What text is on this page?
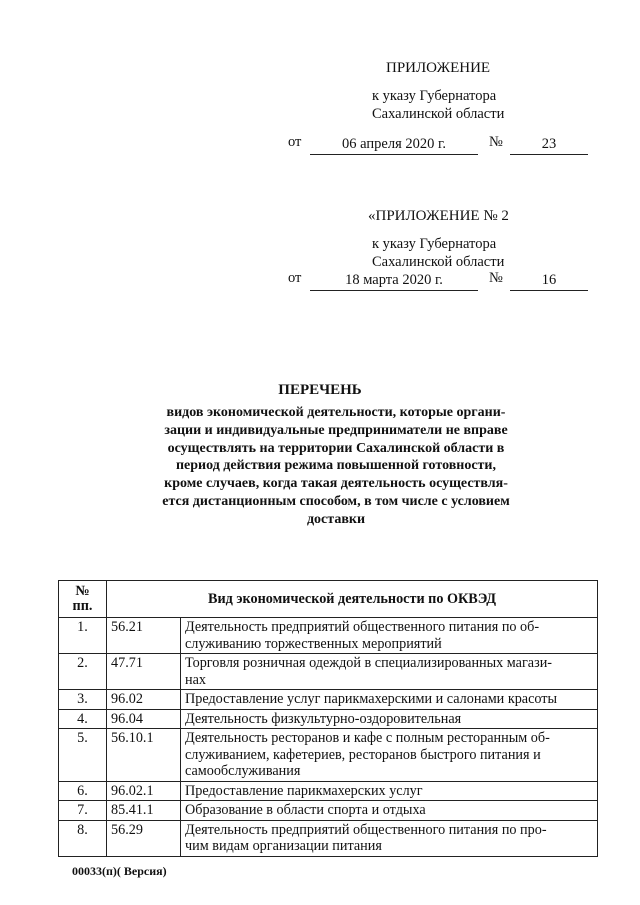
ПРИЛОЖЕНИЕ
к указу Губернатора
Сахалинской области
от	06 апреля 2020 г.	№	23
«ПРИЛОЖЕНИЕ № 2
к указу Губернатора
Сахалинской области
от	18 марта 2020 г.	№	16
ПЕРЕЧЕНЬ
видов экономической деятельности, которые органи-
зации и индивидуальные предприниматели не вправе
осуществлять на территории Сахалинской области в
период действия режима повышенной готовности,
кроме случаев, когда такая деятельность осуществля-
ется дистанционным способом, в том числе с условием
доставки
№
пп.	Вид экономической деятельности по ОКВЭД	
1.	56.21	Деятельность предприятий общественного питания по об-
служиванию торжественных мероприятий

2.	47.71	Торговля розничная одеждой в специализированных магази-
нах

3.	96.02	Предоставление услуг парикмахерскими и салонами красоты

4.	96.04	Деятельность физкультурно-оздоровительная

5.	56.10.1	Деятельность ресторанов и кафе с полным ресторанным об-
служиванием, кафетериев, ресторанов быстрого питания и
самообслуживания

6.	96.02.1	Предоставление парикмахерских услуг

7.	85.41.1	Образование в области спорта и отдыха

8.	56.29	Деятельность предприятий общественного питания по про-
чим видам организации питания
00033(п)( Версия)
